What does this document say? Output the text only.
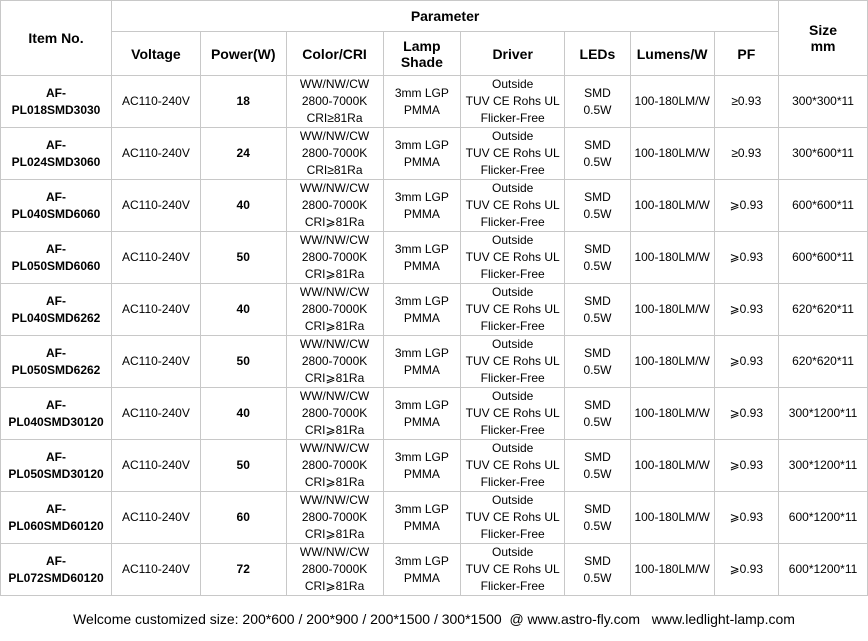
Item No.	Parameter								Size
mm

	Voltage	Power(W)	Color/CRI	Lamp
Shade	Driver	LEDs	Lumens/W	PF	

AF-
PL018SMD3030	AC110-240V	18	WW/NW/CW
2800-7000K
CRI≥81Ra	3mm LGP
PMMA	Outside
TUV CE Rohs UL
Flicker-Free	SMD
0.5W	100-180LM/W	≥0.93	300*300*11

AF-
PL024SMD3060	AC110-240V	24	WW/NW/CW
2800-7000K
CRI≥81Ra	3mm LGP
PMMA	Outside
TUV CE Rohs UL
Flicker-Free	SMD
0.5W	100-180LM/W	≥0.93	300*600*11

AF-
PL040SMD6060	AC110-240V	40	WW/NW/CW
2800-7000K
CRI⩾81Ra	3mm LGP
PMMA	Outside
TUV CE Rohs UL
Flicker-Free	SMD
0.5W	100-180LM/W	⩾0.93	600*600*11

AF-
PL050SMD6060	AC110-240V	50	WW/NW/CW
2800-7000K
CRI⩾81Ra	3mm LGP
PMMA	Outside
TUV CE Rohs UL
Flicker-Free	SMD
0.5W	100-180LM/W	⩾0.93	600*600*11

AF-
PL040SMD6262	AC110-240V	40	WW/NW/CW
2800-7000K
CRI⩾81Ra	3mm LGP
PMMA	Outside
TUV CE Rohs UL
Flicker-Free	SMD
0.5W	100-180LM/W	⩾0.93	620*620*11

AF-
PL050SMD6262	AC110-240V	50	WW/NW/CW
2800-7000K
CRI⩾81Ra	3mm LGP
PMMA	Outside
TUV CE Rohs UL
Flicker-Free	SMD
0.5W	100-180LM/W	⩾0.93	620*620*11

AF-
PL040SMD30120	AC110-240V	40	WW/NW/CW
2800-7000K
CRI⩾81Ra	3mm LGP
PMMA	Outside
TUV CE Rohs UL
Flicker-Free	SMD
0.5W	100-180LM/W	⩾0.93	300*1200*11

AF-
PL050SMD30120	AC110-240V	50	WW/NW/CW
2800-7000K
CRI⩾81Ra	3mm LGP
PMMA	Outside
TUV CE Rohs UL
Flicker-Free	SMD
0.5W	100-180LM/W	⩾0.93	300*1200*11

AF-
PL060SMD60120	AC110-240V	60	WW/NW/CW
2800-7000K
CRI⩾81Ra	3mm LGP
PMMA	Outside
TUV CE Rohs UL
Flicker-Free	SMD
0.5W	100-180LM/W	⩾0.93	600*1200*11

AF-
PL072SMD60120	AC110-240V	72	WW/NW/CW
2800-7000K
CRI⩾81Ra	3mm LGP
PMMA	Outside
TUV CE Rohs UL
Flicker-Free	SMD
0.5W	100-180LM/W	⩾0.93	600*1200*11
Welcome customized size: 200*600 / 200*900 / 200*1500 / 300*1500  @ www.astro-fly.com   www.ledlight-lamp.com
